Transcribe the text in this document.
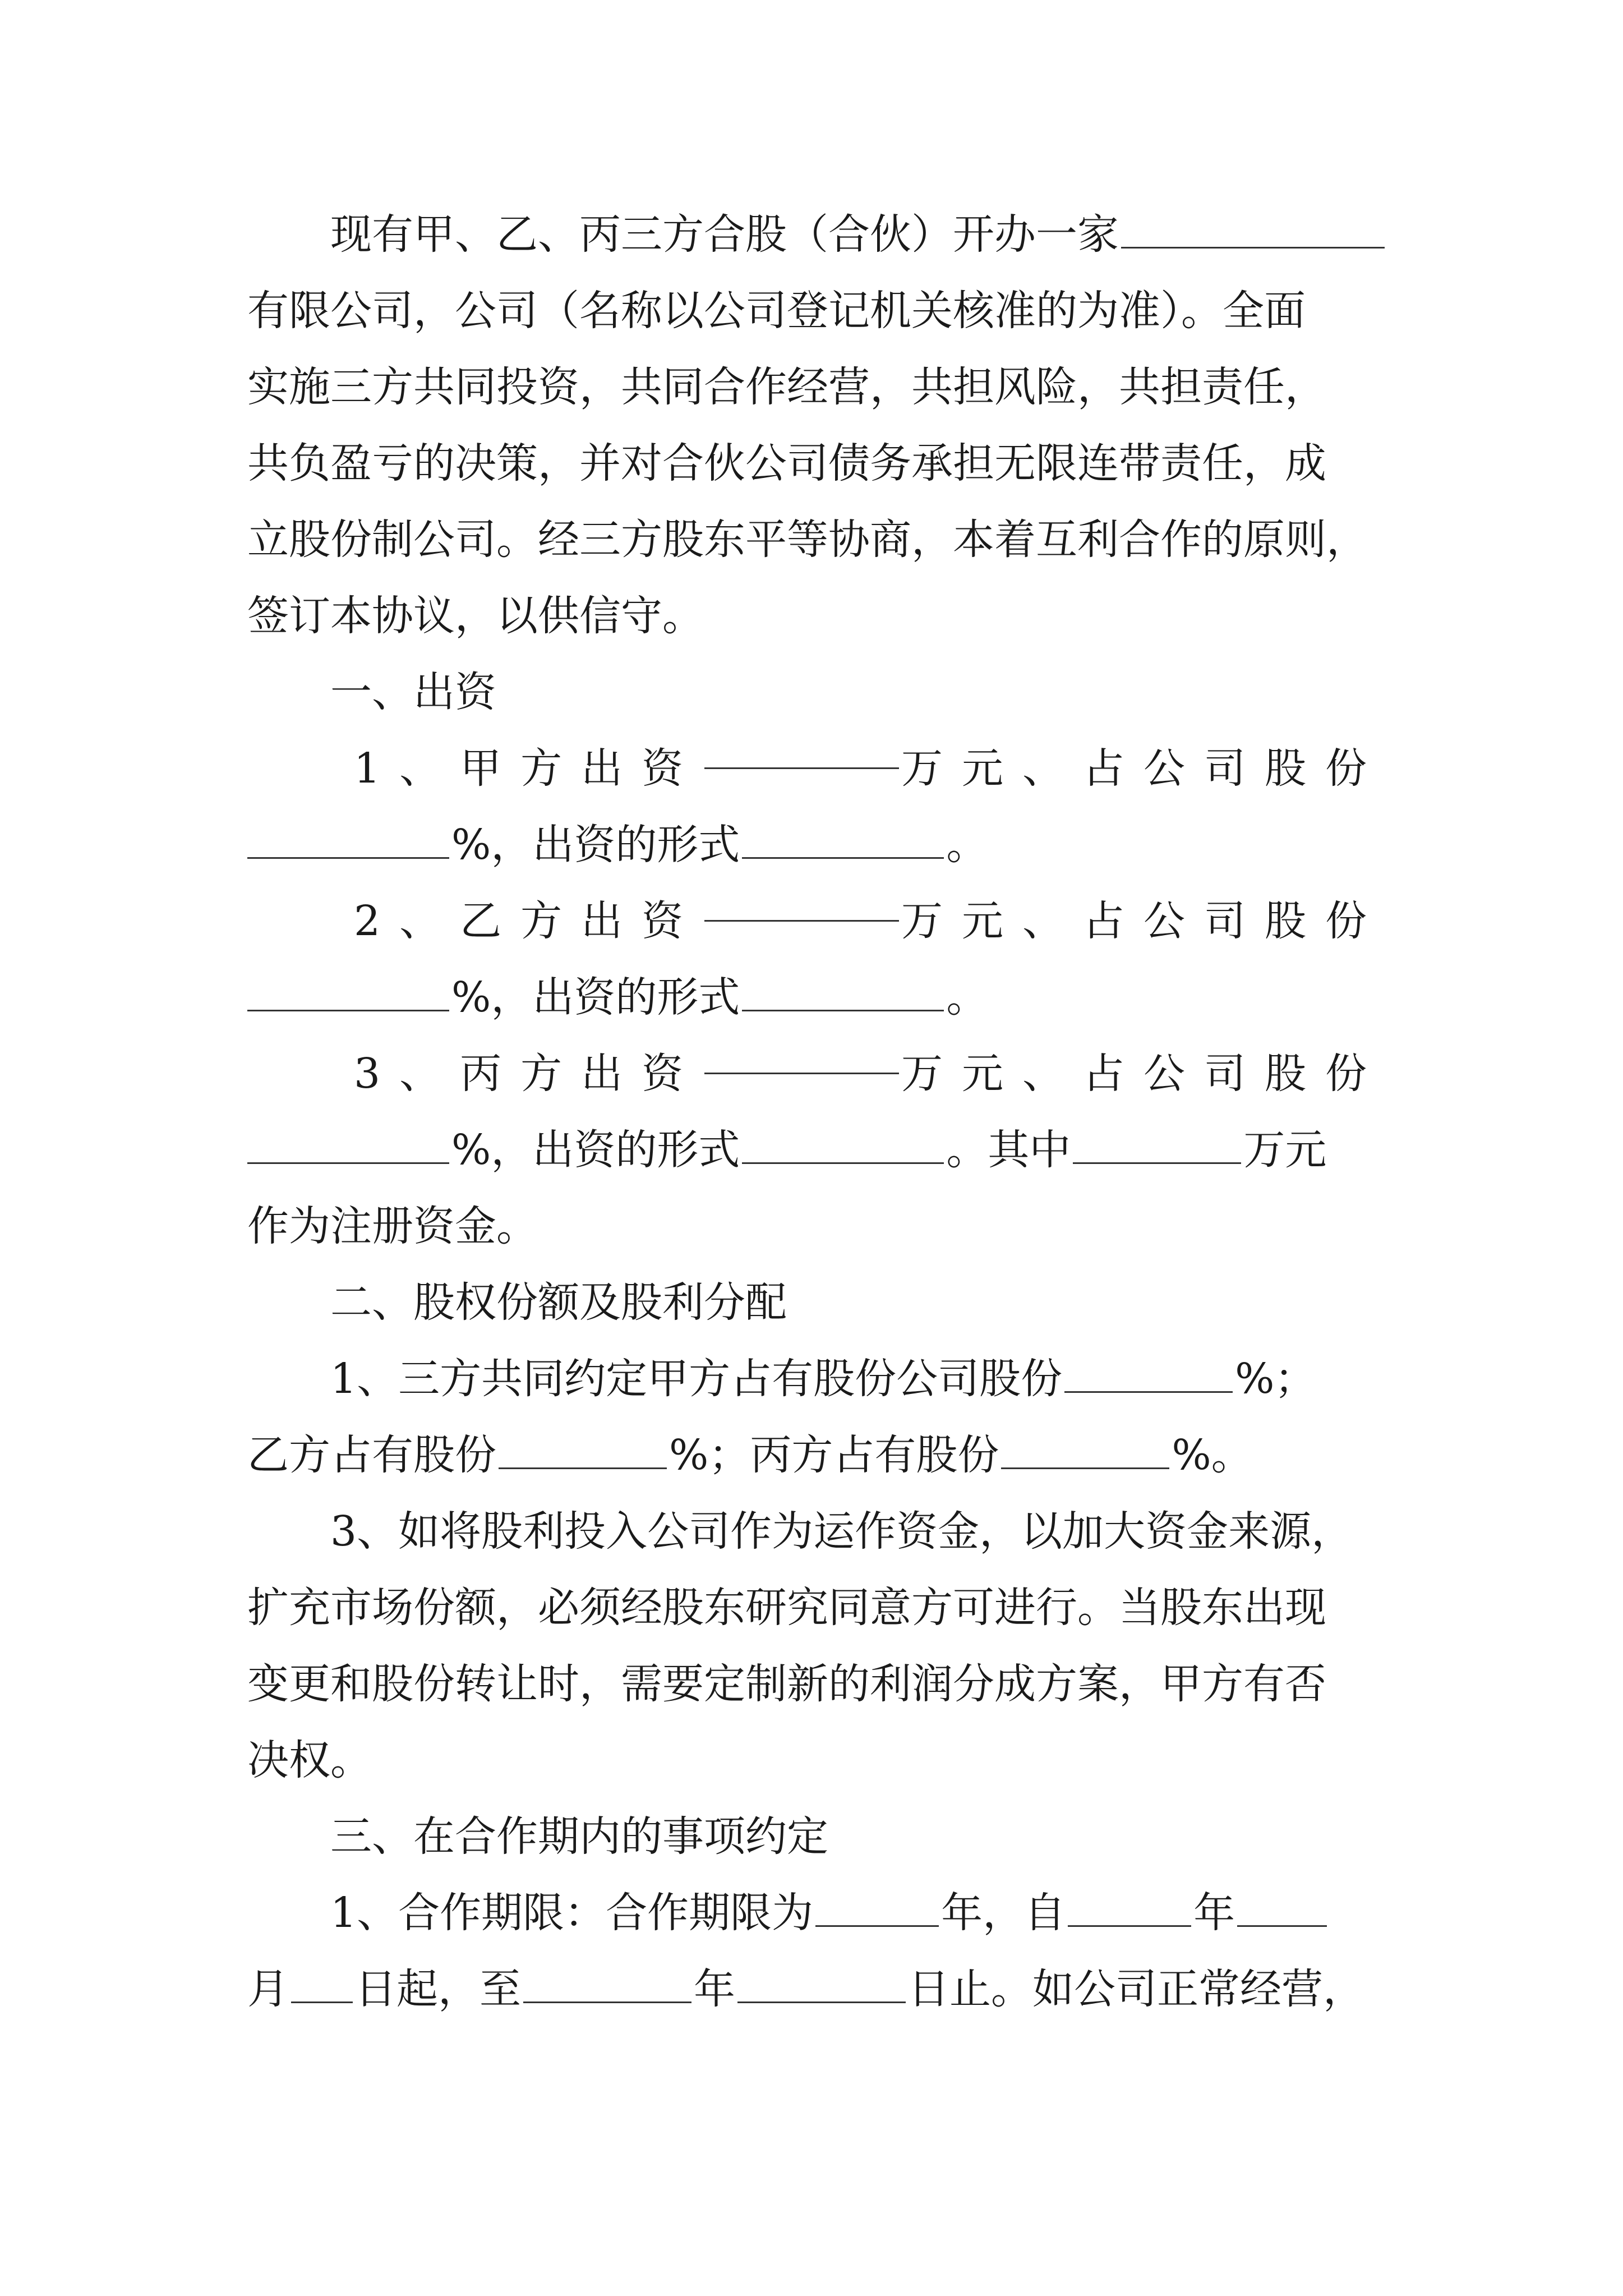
现有甲、乙、丙三方合股（合伙）开办一家
有限公司，公司（名称以公司登记机关核准的为准）。全面
实施三方共同投资，共同合作经营，共担风险，共担责任，
共负盈亏的决策，并对合伙公司债务承担无限连带责任，成
立股份制公司。经三方股东平等协商，本着互利合作的原则，
签订本协议，以供信守。
一、出资
1、甲方出资	万元、占公司股份
%，出资的形式	。
2、乙方出资	万元、占公司股份
%，出资的形式	。
3、丙方出资	万元、占公司股份
%，出资的形式	。其中	万元
作为注册资金。
二、股权份额及股利分配
1、三方共同约定甲方占有股份公司股份	%；
乙方占有股份	%；丙方占有股份	%。
3、如将股利投入公司作为运作资金，以加大资金来源，
扩充市场份额，必须经股东研究同意方可进行。当股东出现
变更和股份转让时，需要定制新的利润分成方案，甲方有否
决权。
三、在合作期内的事项约定
1、合作期限：合作期限为	年，自	年
月 日起，至	年	日止。如公司正常经营，
